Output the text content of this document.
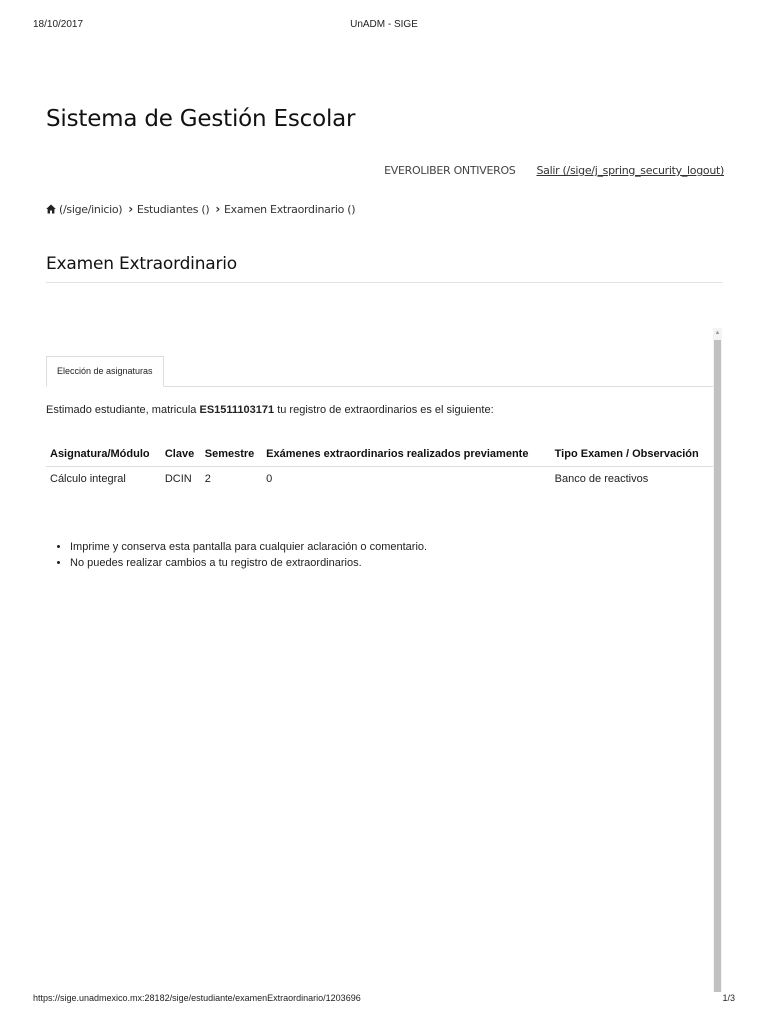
18/10/2017	UnADM - SIGE
Sistema de Gestión Escolar
EVEROLIBER ONTIVEROS Salir (/sige/j_spring_security_logout)
(/sige/inicio) › Estudiantes () › Examen Extraordinario ()
Examen Extraordinario
▲
Elección de asignaturas
Estimado estudiante, matricula ES1511103171 tu registro de extraordinarios es el siguiente:
Asignatura/Módulo	Clave	Semestre	Exámenes extraordinarios realizados previamente	Tipo Examen / Observación
Cálculo integral	DCIN	2	0	Banco de reactivos
• Imprime y conserva esta pantalla para cualquier aclaración o comentario.
• No puedes realizar cambios a tu registro de extraordinarios.
https://sige.unadmexico.mx:28182/sige/estudiante/examenExtraordinario/1203696	1/3
